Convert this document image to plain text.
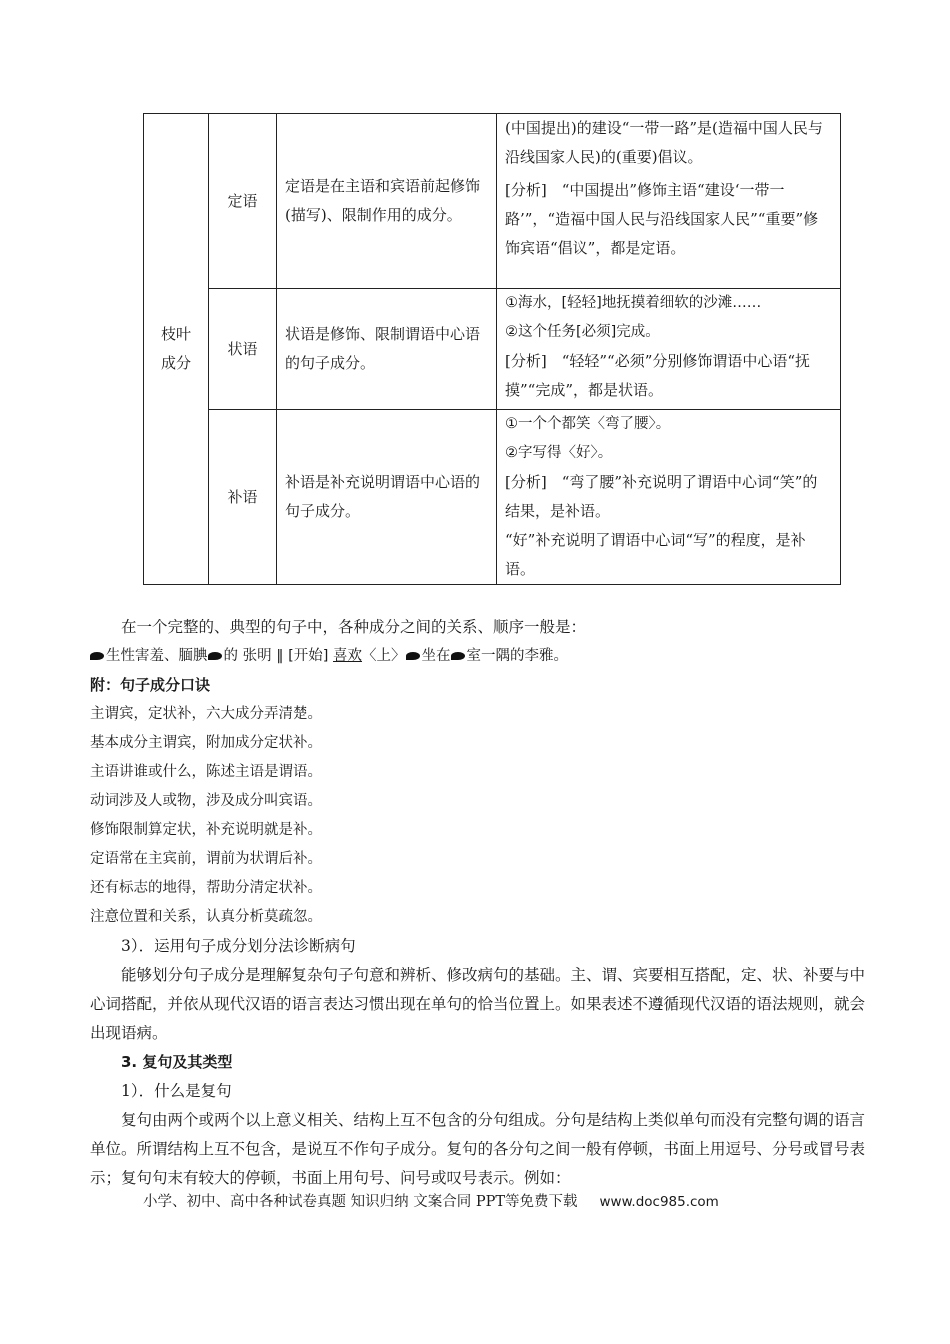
枝叶成分	定语	定语是在主语和宾语前起修饰(描写)、限制作用的成分。	(中国提出)的建设“一带一路”是(造福中国人民与沿线国家人民)的(重要)倡议。

[分析]　“中国提出”修饰主语“建设‘一带一路’”，“造福中国人民与沿线国家人民”“重要”修饰宾语“倡议”，都是定语。

	状语	状语是修饰、限制谓语中心语的句子成分。	①海水，[轻轻]地抚摸着细软的沙滩……

②这个任务[必须]完成。

[分析]　“轻轻”“必须”分别修饰谓语中心语“抚摸”“完成”，都是状语。

	补语	补语是补充说明谓语中心语的句子成分。	①一个个都笑〈弯了腰〉。

②字写得〈好〉。

[分析]　“弯了腰”补充说明了谓语中心词“笑”的结果，是补语。

“好”补充说明了谓语中心词“写”的程度，是补语。

在一个完整的、典型的句子中，各种成分之间的关系、顺序一般是：

生性害羞、腼腆 的 张明 ‖ [开始] 喜欢〈上〉 坐在 室一隅的李雅。

附：句子成分口诀

主谓宾，定状补，六大成分弄清楚。

基本成分主谓宾，附加成分定状补。

主语讲谁或什么，陈述主语是谓语。

动词涉及人或物，涉及成分叫宾语。

修饰限制算定状，补充说明就是补。

定语常在主宾前，谓前为状谓后补。

还有标志的地得，帮助分清定状补。

注意位置和关系，认真分析莫疏忽。

3）．运用句子成分划分法诊断病句

能够划分句子成分是理解复杂句子句意和辨析、修改病句的基础。主、谓、宾要相互搭配，定、状、补要与中心词搭配，并依从现代汉语的语言表达习惯出现在单句的恰当位置上。如果表述不遵循现代汉语的语法规则，就会出现语病。

3. 复句及其类型

1）．什么是复句

复句由两个或两个以上意义相关、结构上互不包含的分句组成。分句是结构上类似单句而没有完整句调的语言单位。所谓结构上互不包含，是说互不作句子成分。复句的各分句之间一般有停顿，书面上用逗号、分号或冒号表示；复句句末有较大的停顿，书面上用句号、问号或叹号表示。例如：

小学、初中、高中各种试卷真题 知识归纳 文案合同 PPT等免费下载 www.doc985.com
